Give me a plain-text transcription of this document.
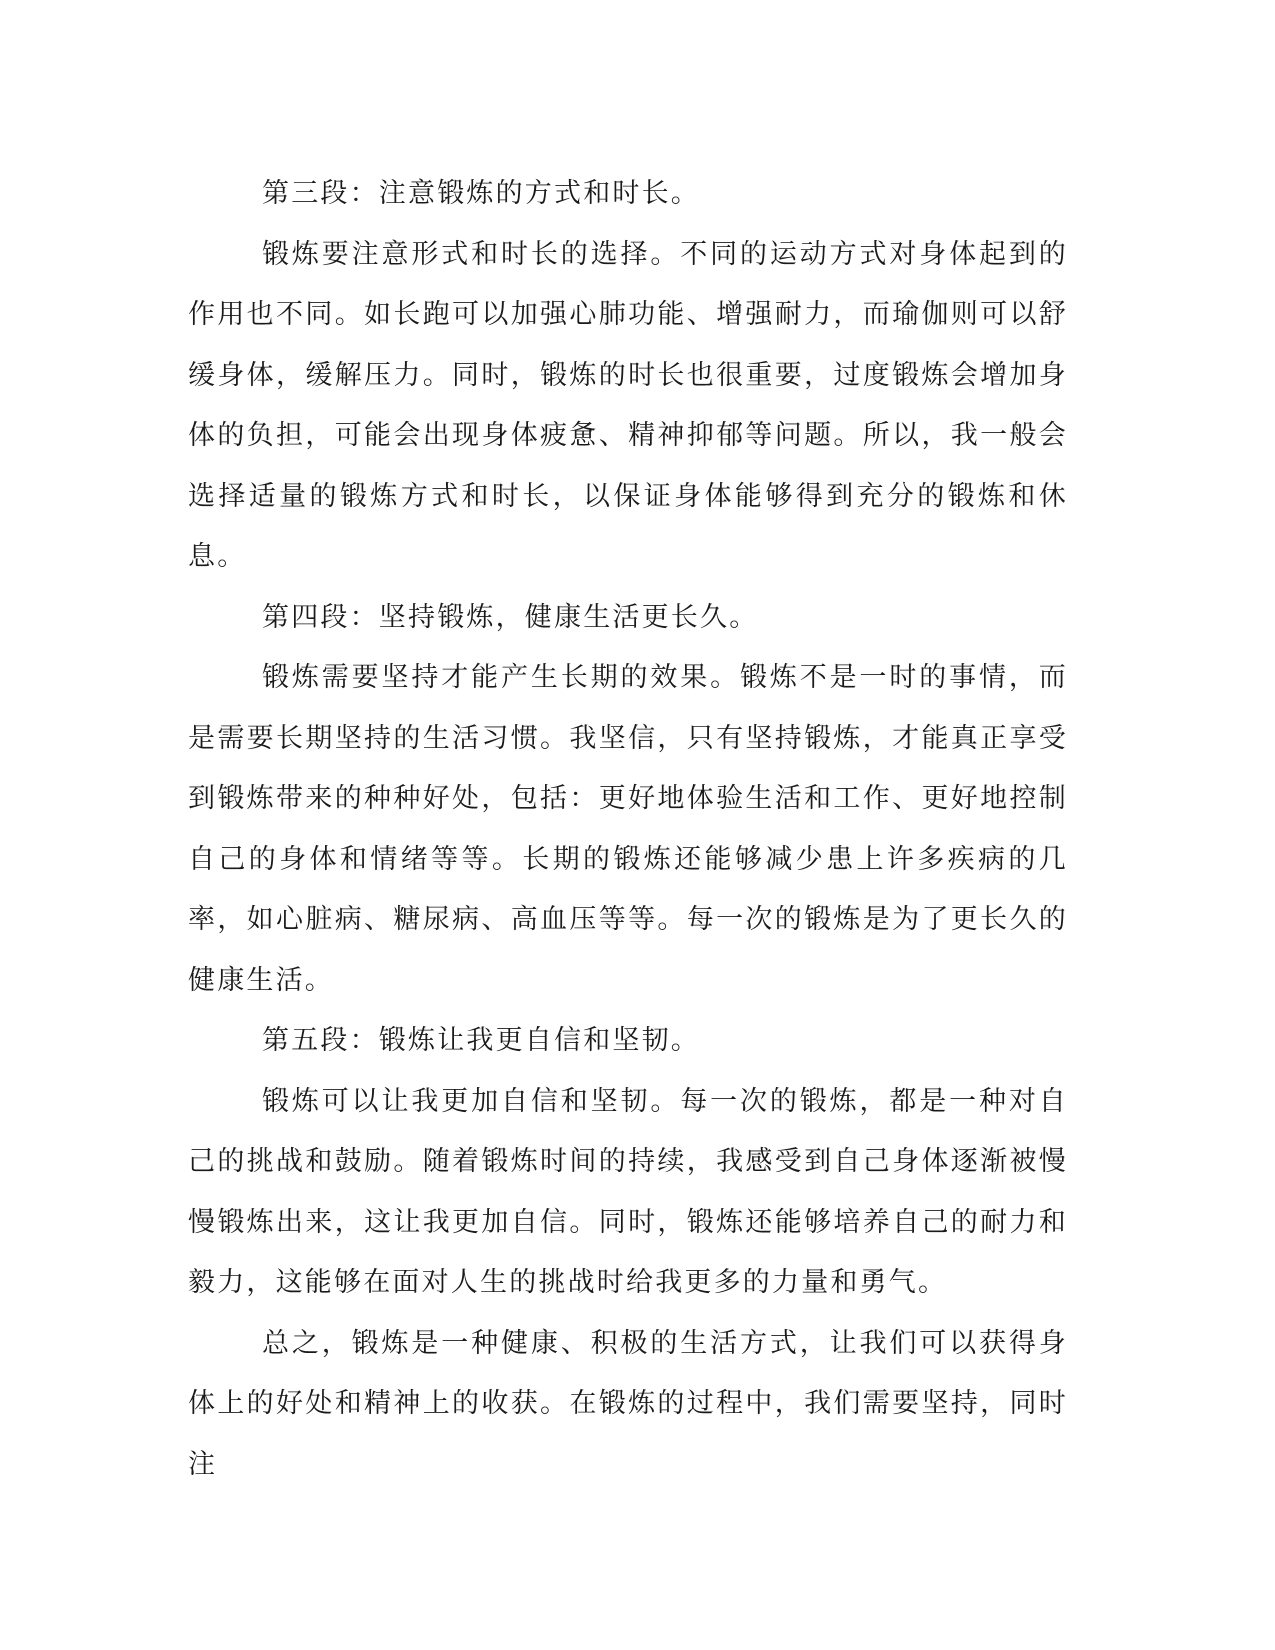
第三段：注意锻炼的方式和时长。

锻炼要注意形式和时长的选择。不同的运动方式对身体起到的作用也不同。如长跑可以加强心肺功能、增强耐力，而瑜伽则可以舒缓身体，缓解压力。同时，锻炼的时长也很重要，过度锻炼会增加身体的负担，可能会出现身体疲惫、精神抑郁等问题。所以，我一般会选择适量的锻炼方式和时长，以保证身体能够得到充分的锻炼和休息。

第四段：坚持锻炼，健康生活更长久。

锻炼需要坚持才能产生长期的效果。锻炼不是一时的事情，而是需要长期坚持的生活习惯。我坚信，只有坚持锻炼，才能真正享受到锻炼带来的种种好处，包括：更好地体验生活和工作、更好地控制自己的身体和情绪等等。长期的锻炼还能够减少患上许多疾病的几率，如心脏病、糖尿病、高血压等等。每一次的锻炼是为了更长久的健康生活。

第五段：锻炼让我更自信和坚韧。

锻炼可以让我更加自信和坚韧。每一次的锻炼，都是一种对自己的挑战和鼓励。随着锻炼时间的持续，我感受到自己身体逐渐被慢慢锻炼出来，这让我更加自信。同时，锻炼还能够培养自己的耐力和毅力，这能够在面对人生的挑战时给我更多的力量和勇气。

总之，锻炼是一种健康、积极的生活方式，让我们可以获得身体上的好处和精神上的收获。在锻炼的过程中，我们需要坚持，同时注
